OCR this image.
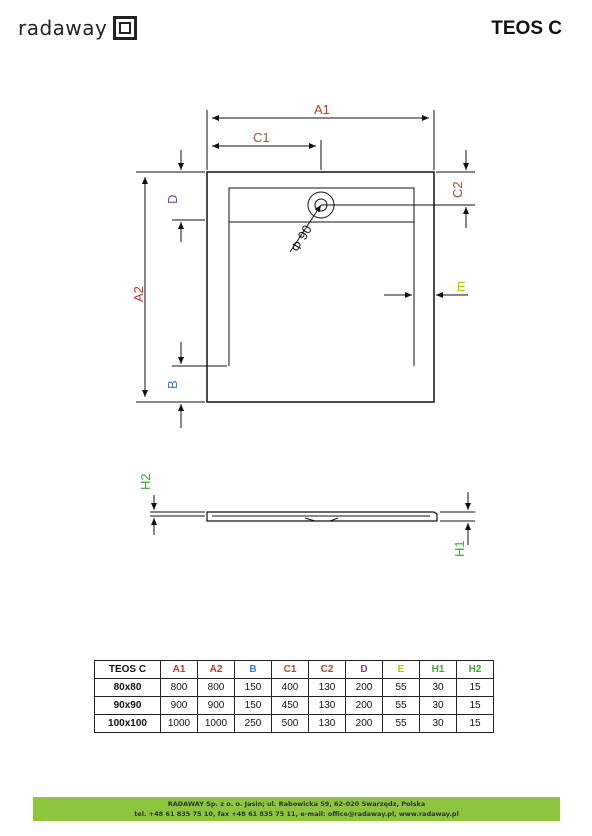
radaway	TEOS C
A1
C1
A2
D
B
C2
E
Φ 90
H2
H1
TEOS C	A1	A2	B	C1	C2	D	E	H1	H2
80x80	800	800	150	400	130	200	55	30	15
90x90	900	900	150	450	130	200	55	30	15
100x100	1000	1000	250	500	130	200	55	30	15
RADAWAY Sp. z o. o. Jasin; ul. Rabowicka 59, 62-020 Swarzędz, Polska
tel. +48 61 835 75 10, fax +48 61 835 75 11, e-mail: office@radaway.pl, www.radaway.pl
